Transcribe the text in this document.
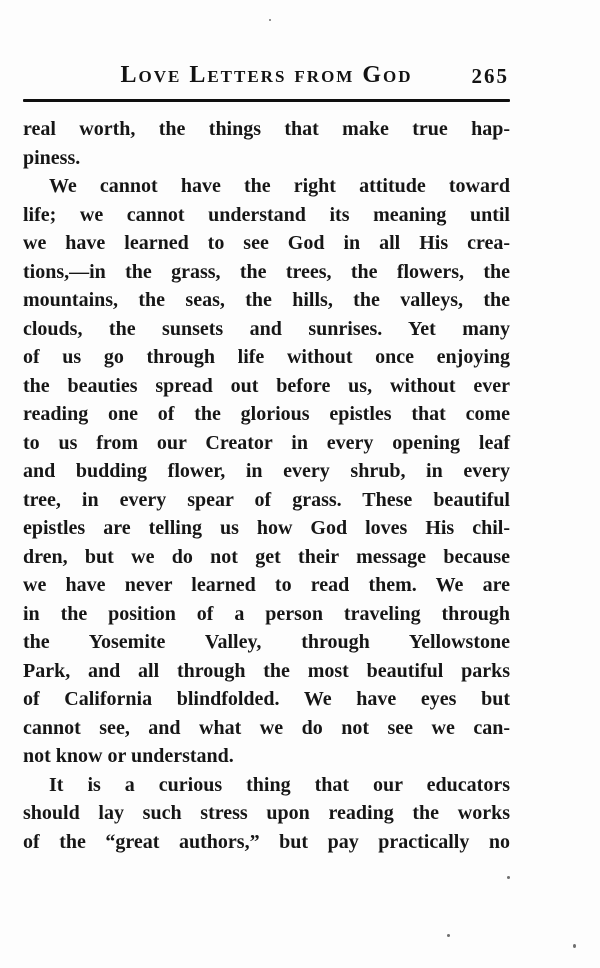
Love Letters from God	265
real worth, the things that make true hap-
piness.
We cannot have the right attitude toward
life; we cannot understand its meaning until
we have learned to see God in all His crea-
tions,—in the grass, the trees, the flowers, the
mountains, the seas, the hills, the valleys, the
clouds, the sunsets and sunrises. Yet many
of us go through life without once enjoying
the beauties spread out before us, without ever
reading one of the glorious epistles that come
to us from our Creator in every opening leaf
and budding flower, in every shrub, in every
tree, in every spear of grass. These beautiful
epistles are telling us how God loves His chil-
dren, but we do not get their message because
we have never learned to read them. We are
in the position of a person traveling through
the Yosemite Valley, through Yellowstone
Park, and all through the most beautiful parks
of California blindfolded. We have eyes but
cannot see, and what we do not see we can-
not know or understand.
It is a curious thing that our educators
should lay such stress upon reading the works
of the “great authors,” but pay practically no
